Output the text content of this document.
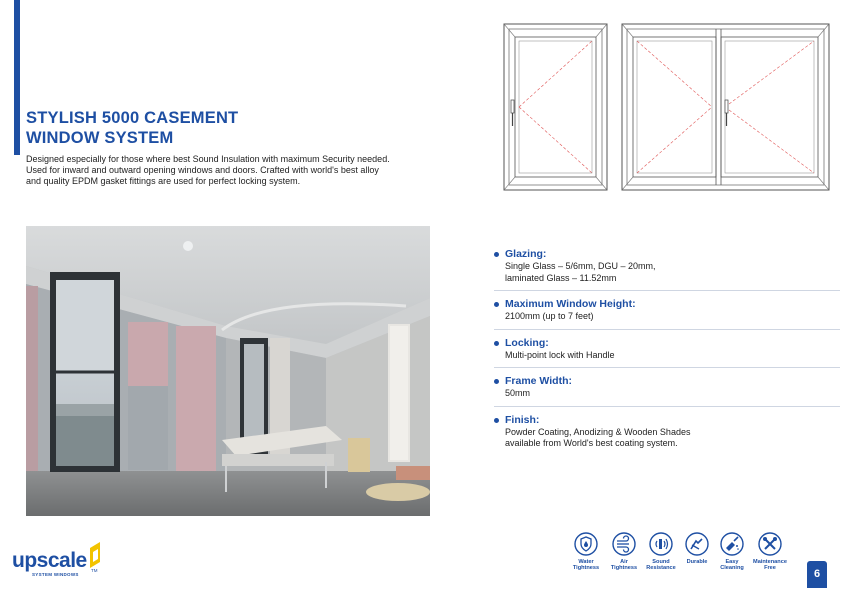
STYLISH 5000 CASEMENT
WINDOW SYSTEM

Designed especially for those where best Sound Insulation with maximum Security needed.
Used for inward and outward opening windows and doors. Crafted with world's best alloy
and quality EPDM gasket fittings are used for perfect locking system.

Glazing:
Single Glass – 5/6mm, DGU – 20mm,
laminated Glass – 11.52mm
Maximum Window Height:
2100mm (up to 7 feet)
Locking:
Multi-point lock with Handle
Frame Width:
50mm
Finish:
Powder Coating, Anodizing & Wooden Shades
available from World's best coating system.
upscale TM
SYSTEM WINDOWS
Water
Tightness
Air
Tightness
Sound
Resistance
Durable	Easy
Cleaning
Maintenance
Free	6
